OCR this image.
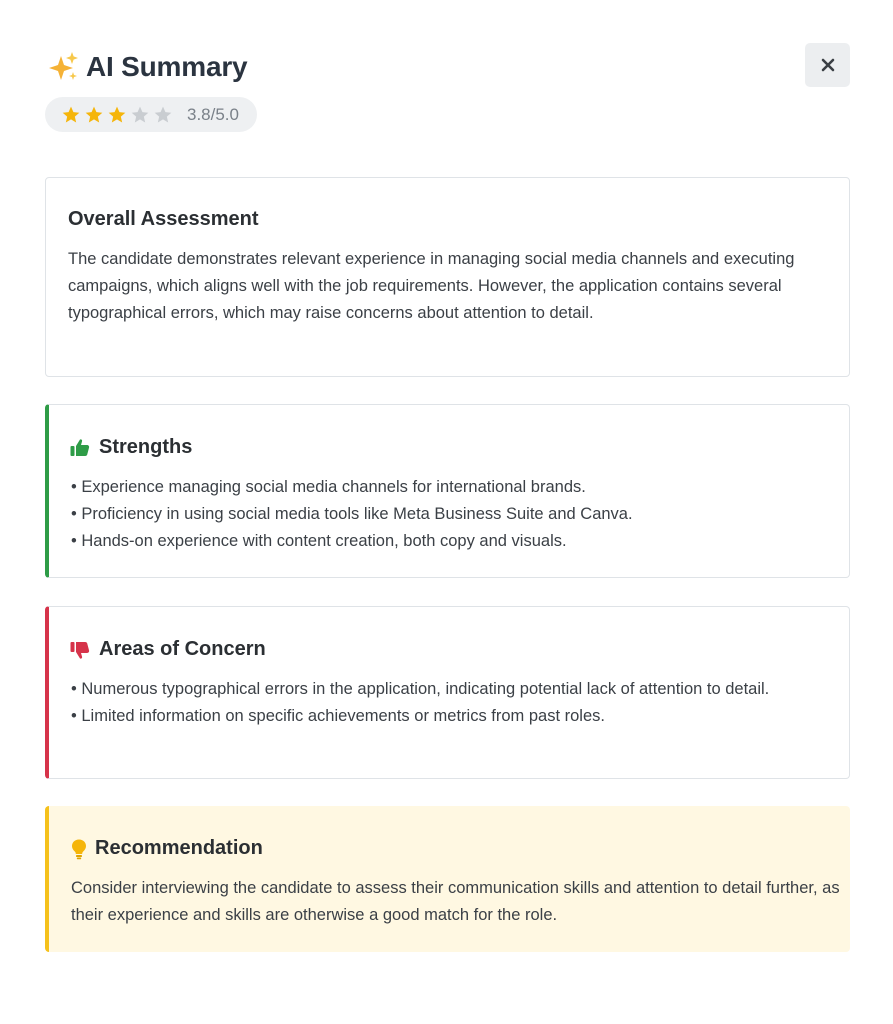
AI Summary
3.8/5.0
Overall Assessment
The candidate demonstrates relevant experience in managing social media channels and executing campaigns, which aligns well with the job requirements. However, the application contains several typographical errors, which may raise concerns about attention to detail.
Strengths
• Experience managing social media channels for international brands.
• Proficiency in using social media tools like Meta Business Suite and Canva.
• Hands-on experience with content creation, both copy and visuals.
Areas of Concern
• Numerous typographical errors in the application, indicating potential lack of attention to detail.
• Limited information on specific achievements or metrics from past roles.
Recommendation
Consider interviewing the candidate to assess their communication skills and attention to detail further, as their experience and skills are otherwise a good match for the role.
